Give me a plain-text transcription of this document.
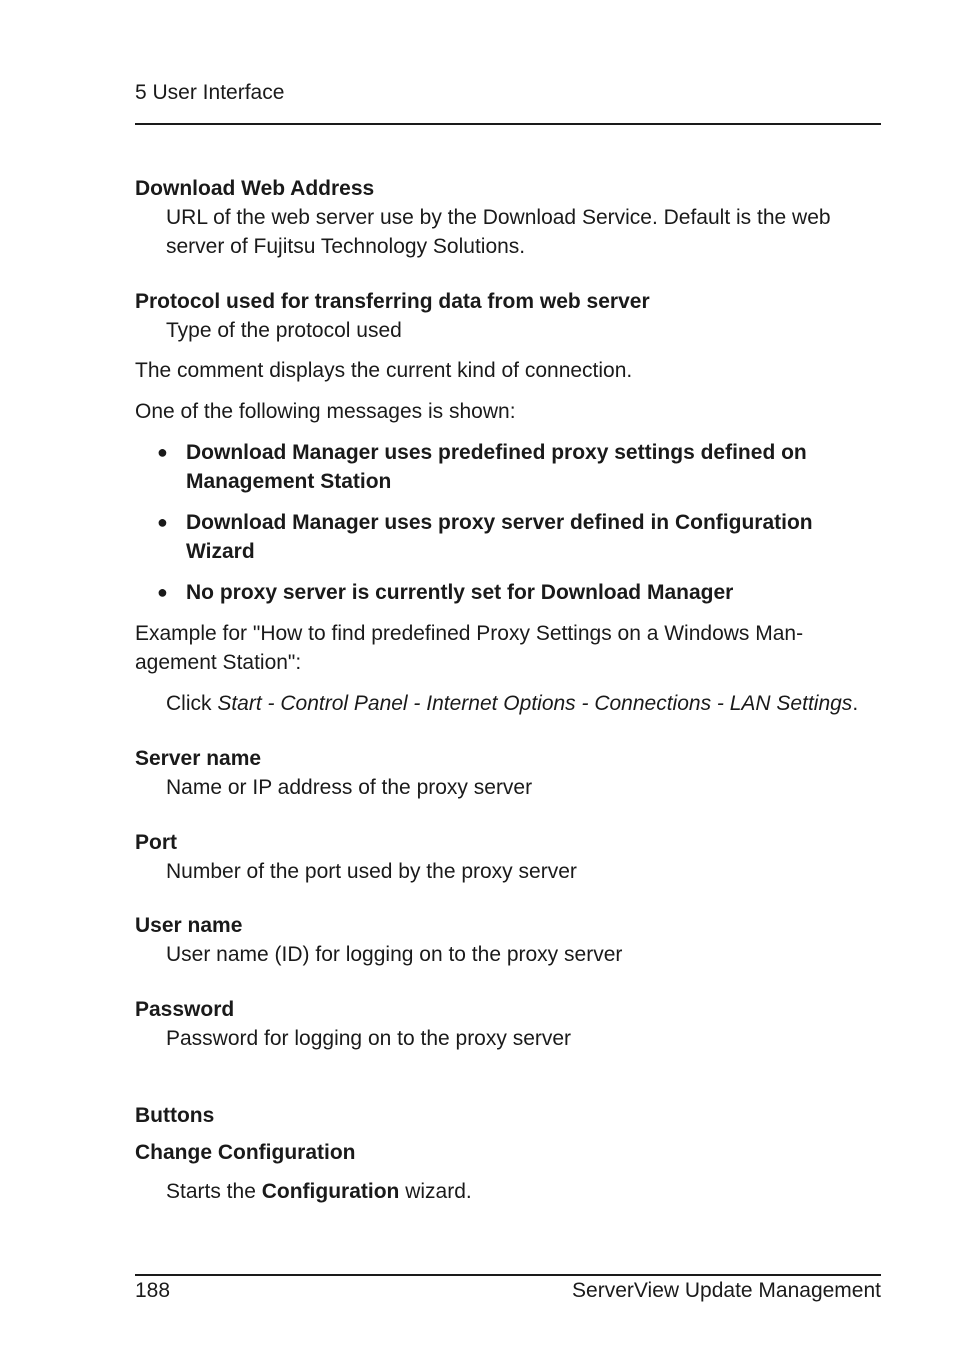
5 User Interface

Download Web Address

URL of the web server use by the Download Service. Default is the web server of Fujitsu Technology Solutions.

Protocol used for transferring data from web server

Type of the protocol used

The comment displays the current kind of connection.

One of the following messages is shown:

● Download Manager uses predefined proxy settings defined on Management Station
● Download Manager uses proxy server defined in Configuration Wizard
● No proxy server is currently set for Download Manager

Example for "How to find predefined Proxy Settings on a Windows Man-agement Station":

Click Start - Control Panel - Internet Options - Connections - LAN Settings.

Server name

Name or IP address of the proxy server

Port

Number of the port used by the proxy server

User name

User name (ID) for logging on to the proxy server

Password

Password for logging on to the proxy server

Buttons

Change Configuration

Starts the Configuration wizard.

188	ServerView Update Management
